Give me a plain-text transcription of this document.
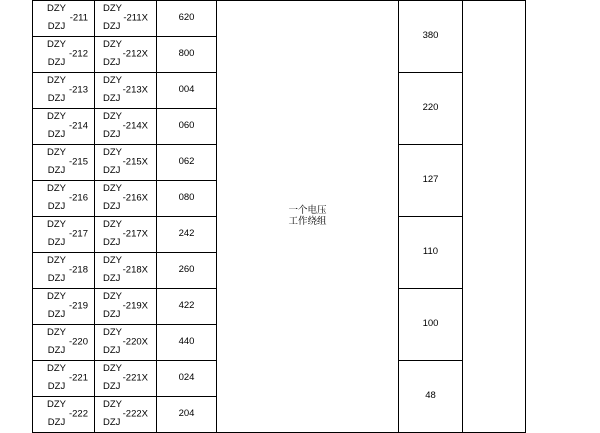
DZY
DZJ
-211	DZY
DZJ
-211X	620	一个电压
工作绕组	380	

DZY
DZJ
-212	DZY
DZJ
-212X	800			

DZY
DZJ
-213	DZY
DZJ
-213X	004		220	

DZY
DZJ
-214	DZY
DZJ
-214X	060			

DZY
DZJ
-215	DZY
DZJ
-215X	062		127	

DZY
DZJ
-216	DZY
DZJ
-216X	080			

DZY
DZJ
-217	DZY
DZJ
-217X	242		110	

DZY
DZJ
-218	DZY
DZJ
-218X	260			

DZY
DZJ
-219	DZY
DZJ
-219X	422		100	

DZY
DZJ
-220	DZY
DZJ
-220X	440			

DZY
DZJ
-221	DZY
DZJ
-221X	024		48	

DZY
DZJ
-222	DZY
DZJ
-222X	204			
